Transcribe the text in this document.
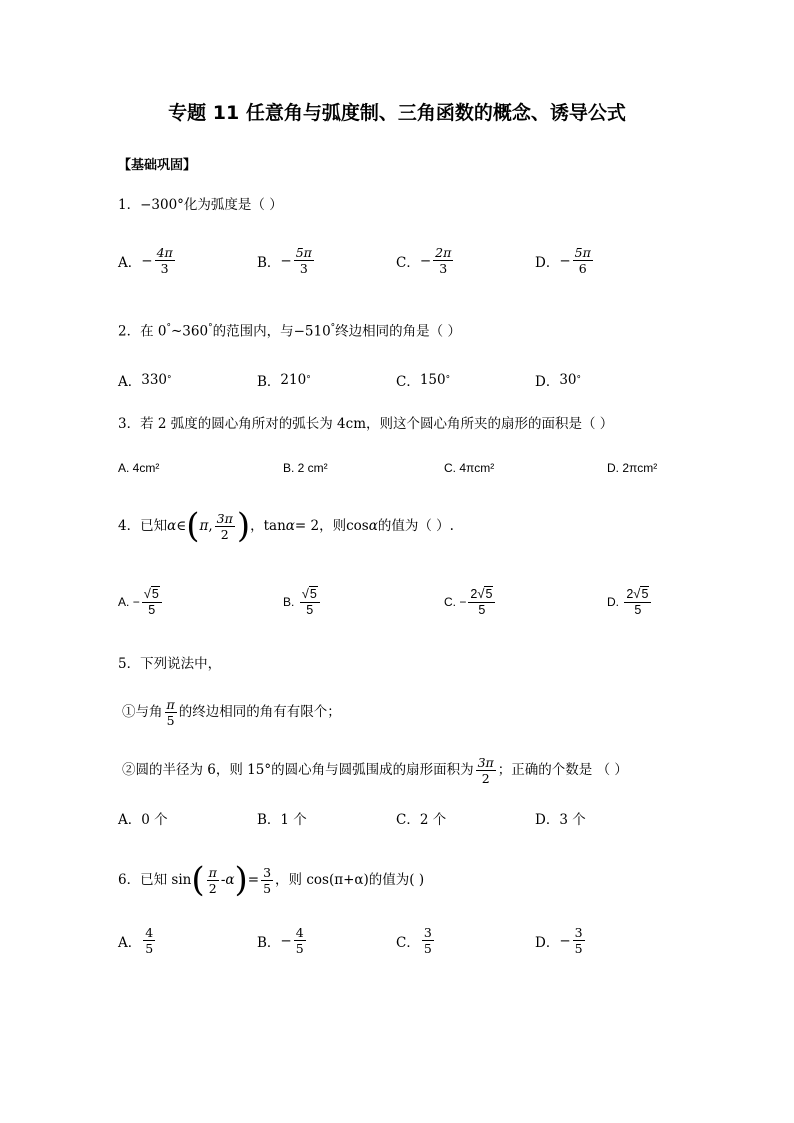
专题 11 任意角与弧度制、三角函数的概念、诱导公式
【基础巩固】
1．−300°化为弧度是（ ）
A． − $\frac{4\pi}{3}$	B． − $\frac{5\pi}{3}$	C． − $\frac{2\pi}{3}$	D． − $\frac{5\pi}{6}$
2．在 0°~360°的范围内，与−510°终边相同的角是（ ）
A． 330 °	B． 210 °	C． 150 °	D． 30 °
3．若 2 弧度的圆心角所对的弧长为 4cm，则这个圆心角所夹的扇形的面积是（ ）
A. 4cm²	B. 2 cm²	C. 4πcm²	D. 2πcm²
4．已知 α ∈ ( π , $\frac{3\pi}{2}$ ) ， tan α = 2 ，则 cos α 的值为（ ）.
A.
− $\frac{√ 5}{5}$	B.
$\frac{√ 5}{5}$	C.
− $\frac{2 √ 5}{5}$	D.
$\frac{2 √ 5}{5}$
5．下列说法中，
①与角 $\frac{\pi}{5}$ 的终边相同的角有有限个；
②圆的半径为 6，则 15°的圆心角与圆弧围成的扇形面积为 $\frac{3\pi}{2}$ ；正确的个数是 （ ）
A．0 个	B．1 个	C．2 个	D．3 个
6．已知
sin ( $\frac{\pi}{2} -\alpha$ ) = $\frac{3}{5}$ ，则 cos(π+α)的值为( )
A． $\frac{4}{5}$	B． − $\frac{4}{5}$	C． $\frac{3}{5}$	D． − $\frac{3}{5}$
